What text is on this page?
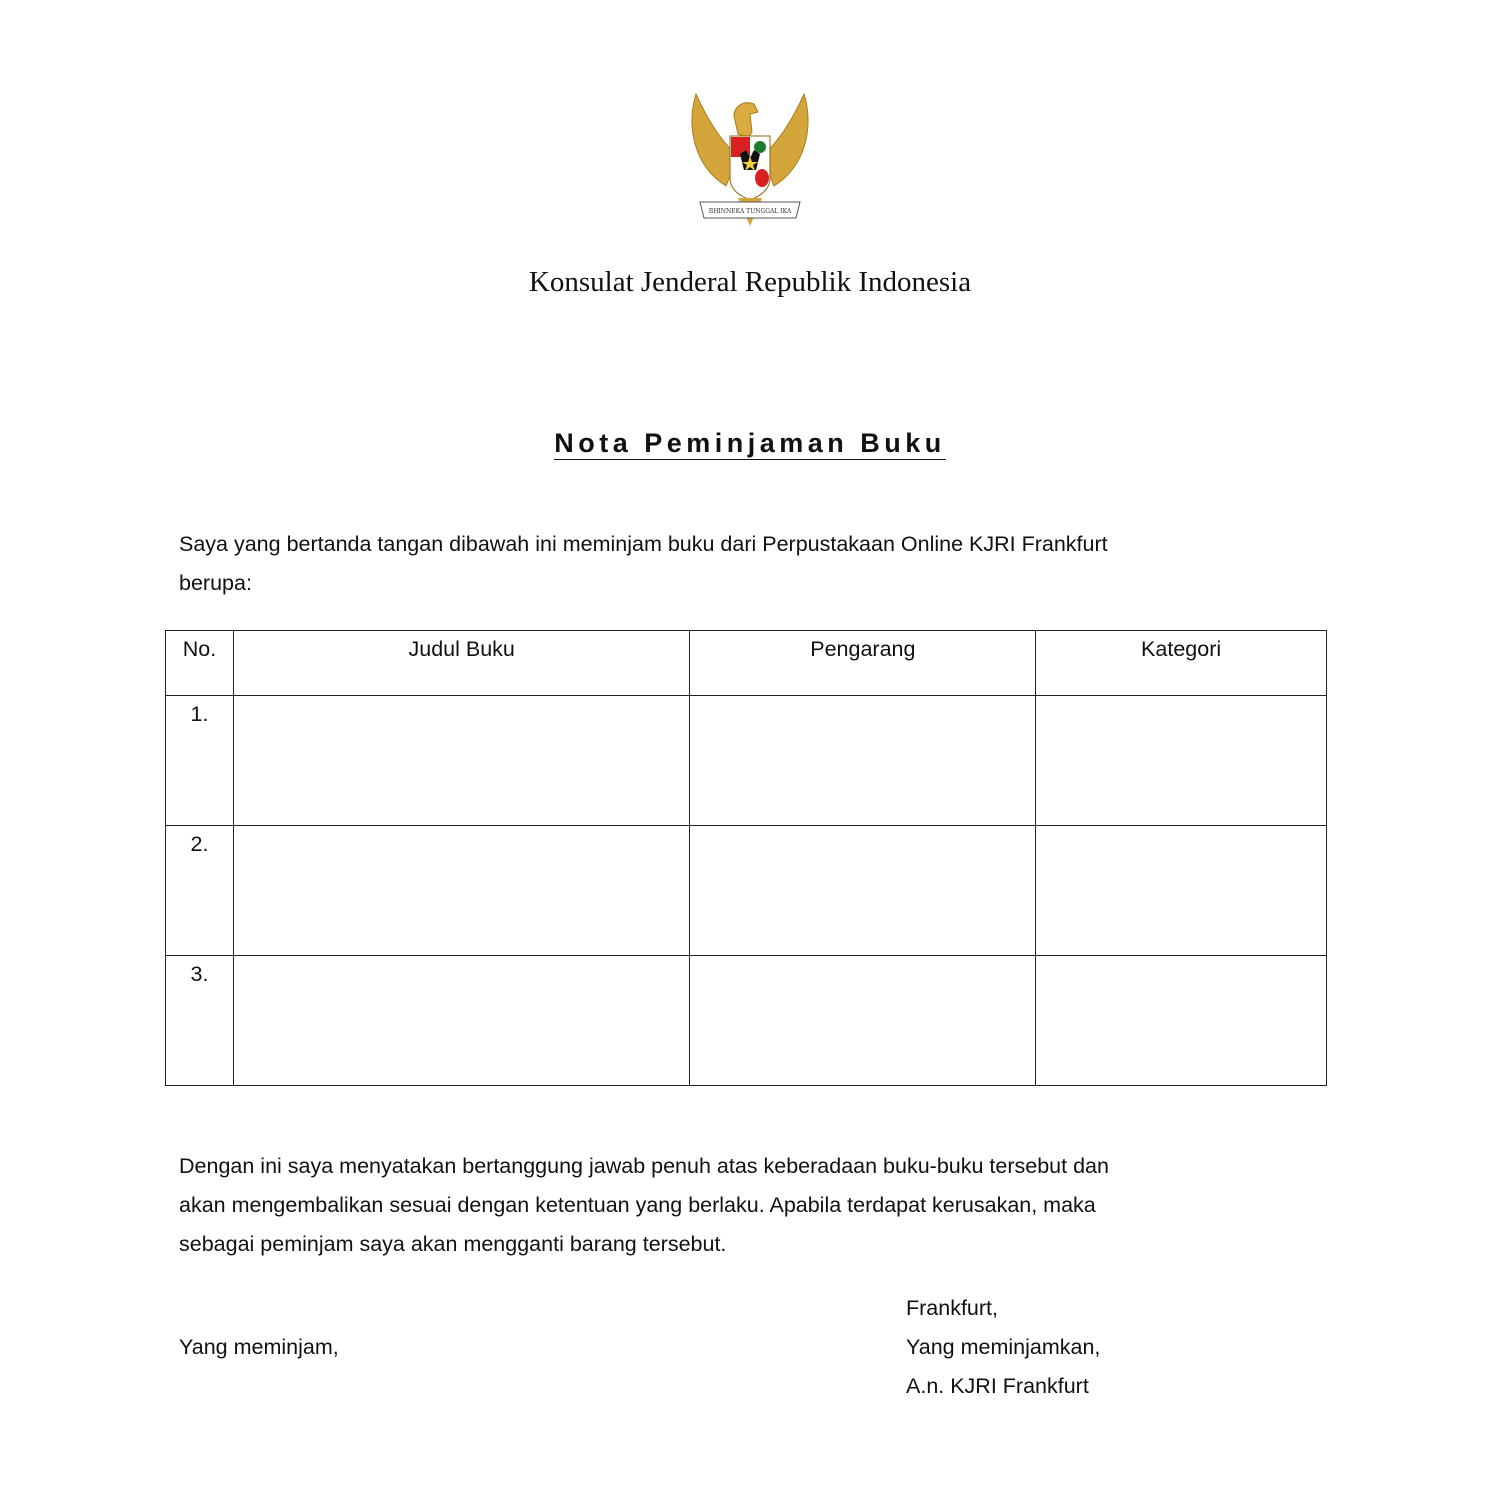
BHINNEKA TUNGGAL IKA
Konsulat Jenderal Republik Indonesia
Nota Peminjaman Buku
Saya yang bertanda tangan dibawah ini meminjam buku dari Perpustakaan Online KJRI Frankfurt
berupa:
No.	Judul Buku	Pengarang	Kategori
1.			
2.			
3.			
Dengan ini saya menyatakan bertanggung jawab penuh atas keberadaan buku-buku tersebut dan
akan mengembalikan sesuai dengan ketentuan yang berlaku. Apabila terdapat kerusakan, maka
sebagai peminjam saya akan mengganti barang tersebut.
Yang meminjam,
Frankfurt,
Yang meminjamkan,
A.n. KJRI Frankfurt
